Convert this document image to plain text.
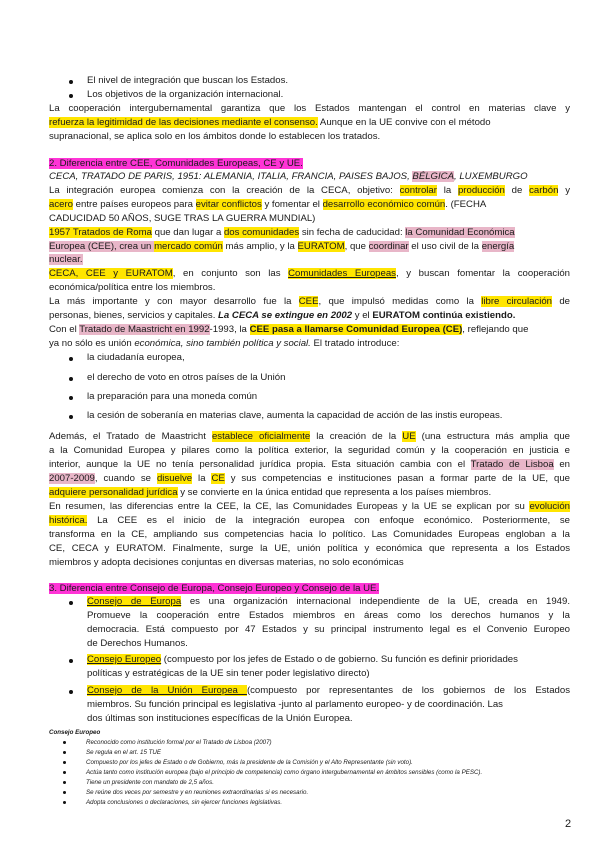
El nivel de integración que buscan los Estados.
Los objetivos de la organización internacional.
La cooperación intergubernamental garantiza que los Estados mantengan el control en materias clave y
refuerza la legitimidad de las decisiones mediante el consenso. Aunque en la UE convive con el método
supranacional, se aplica solo en los ámbitos donde lo establecen los tratados.
2. Diferencia entre CEE, Comunidades Europeas, CE y UE.
CECA, TRATADO DE PARIS, 1951: ALEMANIA, ITALIA, FRANCIA, PAISES BAJOS, BÉLGICA, LUXEMBURGO
La integración europea comienza con la creación de la CECA, objetivo: controlar la producción de carbón y
acero entre países europeos para evitar conflictos y fomentar el desarrollo económico común. (FECHA
CADUCIDAD 50 AÑOS, SUGE TRAS LA GUERRA MUNDIAL)
1957 Tratados de Roma que dan lugar a dos comunidades sin fecha de caducidad: la Comunidad Económica
Europea (CEE), crea un mercado común más amplio, y la EURATOM, que coordinar el uso civil de la energía
nuclear.
CECA, CEE y EURATOM, en conjunto son las Comunidades Europeas, y buscan fomentar la cooperación
económica/política entre los miembros.
La más importante y con mayor desarrollo fue la CEE, que impulsó medidas como la libre circulación de
personas, bienes, servicios y capitales. La CECA se extingue en 2002 y el EURATOM continúa existiendo.
Con el Tratado de Maastricht en 1992-1993, la CEE pasa a llamarse Comunidad Europea (CE), reflejando que
ya no sólo es unión económica, sino también política y social. El tratado introduce:
la ciudadanía europea,
el derecho de voto en otros países de la Unión
la preparación para una moneda común
la cesión de soberanía en materias clave, aumenta la capacidad de acción de las instis europeas.
Además, el Tratado de Maastricht establece oficialmente la creación de la UE (una estructura más amplia que
a la Comunidad Europea y pilares como la política exterior, la seguridad común y la cooperación en justicia e
interior, aunque la UE no tenía personalidad jurídica propia. Esta situación cambia con el Tratado de Lisboa en
2007-2009, cuando se disuelve la CE y sus competencias e instituciones pasan a formar parte de la UE, que
adquiere personalidad jurídica y se convierte en la única entidad que representa a los países miembros.
En resumen, las diferencias entre la CEE, la CE, las Comunidades Europeas y la UE se explican por su evolución
histórica. La CEE es el inicio de la integración europea con enfoque económico. Posteriormente, se
transforma en la CE, ampliando sus competencias hacia lo político. Las Comunidades Europeas engloban a la
CE, CECA y EURATOM. Finalmente, surge la UE, unión política y económica que representa a los Estados
miembros y adopta decisiones conjuntas en diversas materias, no solo económicas
3. Diferencia entre Consejo de Europa, Consejo Europeo y Consejo de la UE.
Consejo de Europa es una organización internacional independiente de la UE, creada en 1949.
Promueve la cooperación entre Estados miembros en áreas como los derechos humanos y la
democracia. Está compuesto por 47 Estados y su principal instrumento legal es el Convenio Europeo
de Derechos Humanos.
Consejo Europeo (compuesto por los jefes de Estado o de gobierno. Su función es definir prioridades
políticas y estratégicas de la UE sin tener poder legislativo directo)
Consejo de la Unión Europea (compuesto por representantes de los gobiernos de los Estados
miembros. Su función principal es legislativa -junto al parlamento europeo- y de coordinación. Las
dos últimas son instituciones específicas de la Unión Europea.
Consejo Europeo
Reconocido como institución formal por el Tratado de Lisboa (2007)
Se regula en el art. 15 TUE
Compuesto por los jefes de Estado o de Gobierno, más la presidente de la Comisión y el Alto Representante (sin voto).
Actúa tanto como institución europea (bajo el principio de competencia) como órgano intergubernamental en ámbitos sensibles (como la PESC).
Tiene un presidente con mandato de 2,5 años.
Se reúne dos veces por semestre y en reuniones extraordinarias si es necesario.
Adopta conclusiones o declaraciones, sin ejercer funciones legislativas.
2
